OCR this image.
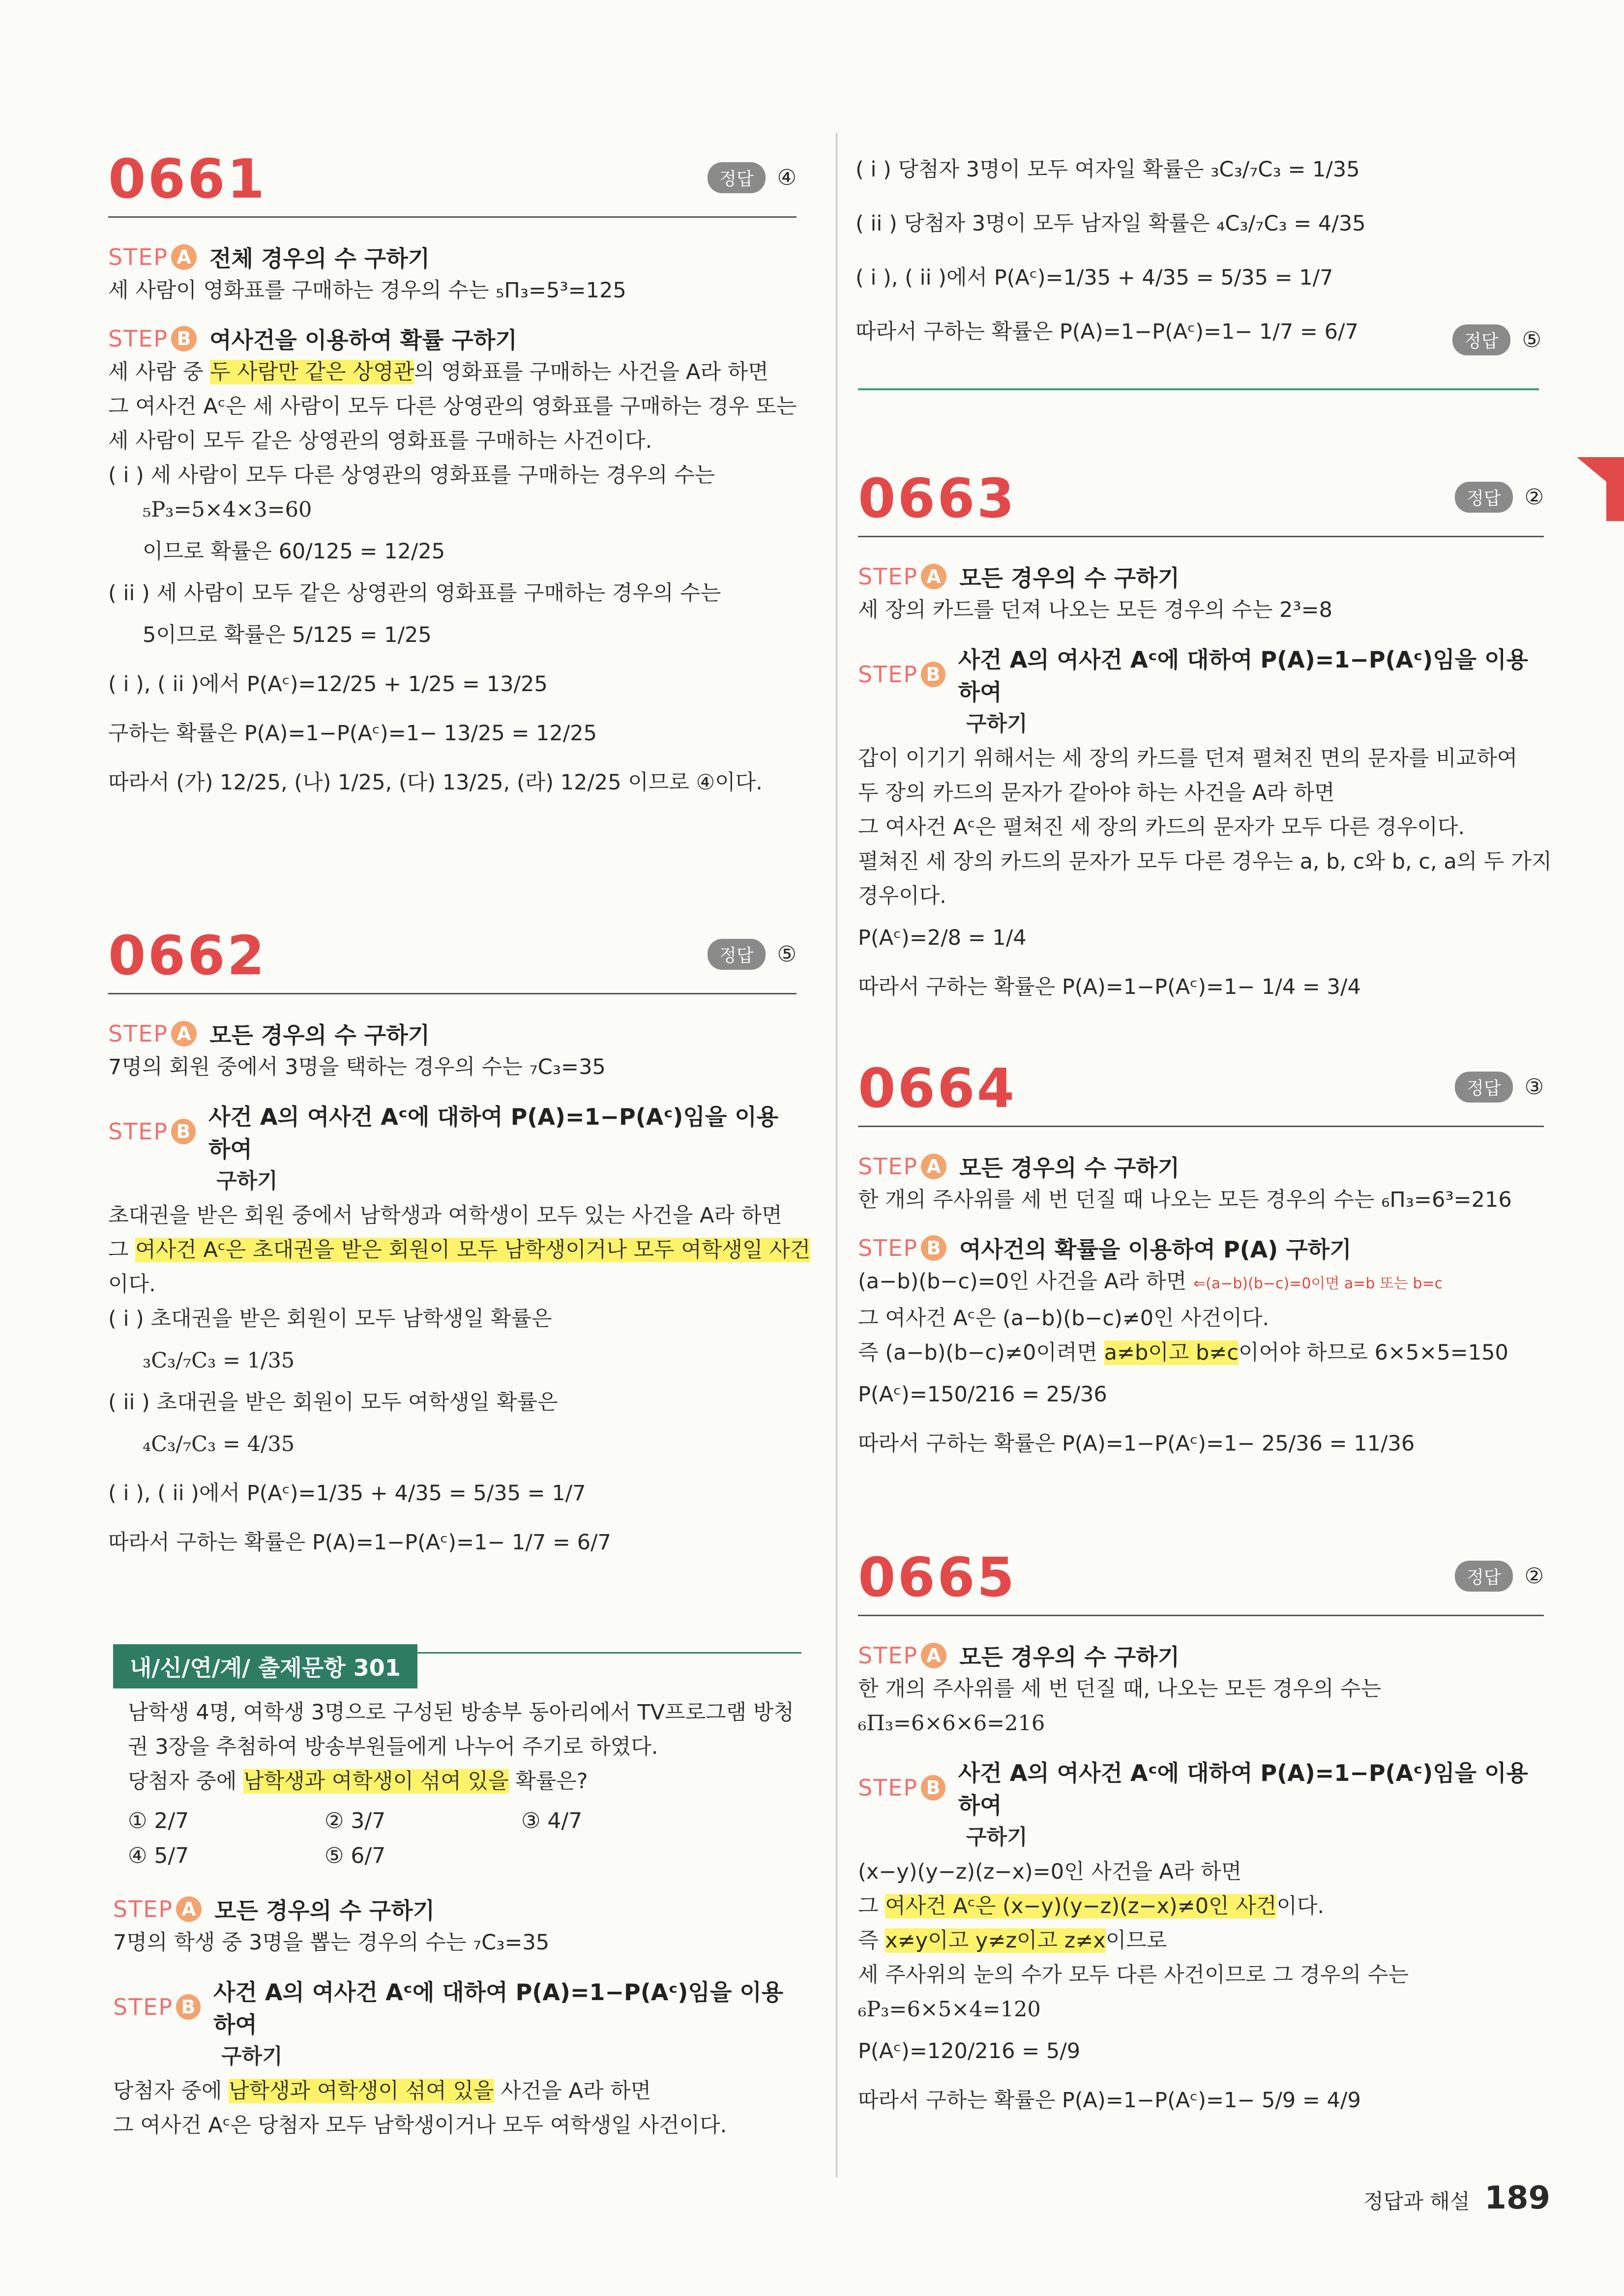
0661	정답	④
STEP A 전체 경우의 수 구하기
세 사람이 영화표를 구매하는 경우의 수는 ₅Π₃=5³=125
STEP B 여사건을 이용하여 확률 구하기
세 사람 중 두 사람만 같은 상영관의 영화표를 구매하는 사건을 A라 하면
그 여사건 Aᶜ은 세 사람이 모두 다른 상영관의 영화표를 구매하는 경우 또는
세 사람이 모두 같은 상영관의 영화표를 구매하는 사건이다.
( i ) 세 사람이 모두 다른 상영관의 영화표를 구매하는 경우의 수는
₅P₃=5×4×3=60
이므로 확률은 60/125 = 12/25
( ii ) 세 사람이 모두 같은 상영관의 영화표를 구매하는 경우의 수는
5이므로 확률은 5/125 = 1/25
( i ), ( ii )에서 P(Aᶜ)=12/25 + 1/25 = 13/25
구하는 확률은 P(A)=1−P(Aᶜ)=1− 13/25 = 12/25
따라서 (가) 12/25, (나) 1/25, (다) 13/25, (라) 12/25 이므로 ④이다.
0662	정답	⑤
STEP A 모든 경우의 수 구하기
7명의 회원 중에서 3명을 택하는 경우의 수는 ₇C₃=35
STEP B
사건 A의 여사건 Aᶜ에 대하여 P(A)=1−P(Aᶜ)임을 이용하여
구하기
초대권을 받은 회원 중에서 남학생과 여학생이 모두 있는 사건을 A라 하면
그 여사건 Aᶜ은 초대권을 받은 회원이 모두 남학생이거나 모두 여학생일 사건
이다.
( i ) 초대권을 받은 회원이 모두 남학생일 확률은
₃C₃/₇C₃ = 1/35
( ii ) 초대권을 받은 회원이 모두 여학생일 확률은
₄C₃/₇C₃ = 4/35
( i ), ( ii )에서 P(Aᶜ)=1/35 + 4/35 = 5/35 = 1/7
따라서 구하는 확률은 P(A)=1−P(Aᶜ)=1− 1/7 = 6/7
내/신/연/계/ 출제문항 301
남학생 4명, 여학생 3명으로 구성된 방송부 동아리에서 TV프로그램 방청
권 3장을 추첨하여 방송부원들에게 나누어 주기로 하였다.
당첨자 중에 남학생과 여학생이 섞여 있을 확률은?
① 2/7	② 3/7	③ 4/7
④ 5/7	⑤ 6/7
STEP A 모든 경우의 수 구하기
7명의 학생 중 3명을 뽑는 경우의 수는 ₇C₃=35
STEP B
사건 A의 여사건 Aᶜ에 대하여 P(A)=1−P(Aᶜ)임을 이용하여
구하기
당첨자 중에 남학생과 여학생이 섞여 있을 사건을 A라 하면
그 여사건 Aᶜ은 당첨자 모두 남학생이거나 모두 여학생일 사건이다.
( i ) 당첨자 3명이 모두 여자일 확률은 ₃C₃/₇C₃ = 1/35
( ii ) 당첨자 3명이 모두 남자일 확률은 ₄C₃/₇C₃ = 4/35
( i ), ( ii )에서 P(Aᶜ)=1/35 + 4/35 = 5/35 = 1/7
따라서 구하는 확률은 P(A)=1−P(Aᶜ)=1− 1/7 = 6/7	정답	⑤
0663	정답	②
STEP A 모든 경우의 수 구하기
세 장의 카드를 던져 나오는 모든 경우의 수는 2³=8
STEP B
사건 A의 여사건 Aᶜ에 대하여 P(A)=1−P(Aᶜ)임을 이용하여
구하기
갑이 이기기 위해서는 세 장의 카드를 던져 펼쳐진 면의 문자를 비교하여
두 장의 카드의 문자가 같아야 하는 사건을 A라 하면
그 여사건 Aᶜ은 펼쳐진 세 장의 카드의 문자가 모두 다른 경우이다.
펼쳐진 세 장의 카드의 문자가 모두 다른 경우는 a, b, c와 b, c, a의 두 가지
경우이다.
P(Aᶜ)=2/8 = 1/4
따라서 구하는 확률은 P(A)=1−P(Aᶜ)=1− 1/4 = 3/4
0664	정답	③
STEP A 모든 경우의 수 구하기
한 개의 주사위를 세 번 던질 때 나오는 모든 경우의 수는 ₆Π₃=6³=216
STEP B 여사건의 확률을 이용하여 P(A) 구하기
(a−b)(b−c)=0인 사건을 A라 하면 ⇐(a−b)(b−c)=0이면 a=b 또는 b=c
그 여사건 Aᶜ은 (a−b)(b−c)≠0인 사건이다.
즉 (a−b)(b−c)≠0이려면 a≠b이고 b≠c이어야 하므로 6×5×5=150
P(Aᶜ)=150/216 = 25/36
따라서 구하는 확률은 P(A)=1−P(Aᶜ)=1− 25/36 = 11/36
0665	정답	②
STEP A 모든 경우의 수 구하기
한 개의 주사위를 세 번 던질 때, 나오는 모든 경우의 수는
₆Π₃=6×6×6=216
STEP B
사건 A의 여사건 Aᶜ에 대하여 P(A)=1−P(Aᶜ)임을 이용하여
구하기
(x−y)(y−z)(z−x)=0인 사건을 A라 하면
그 여사건 Aᶜ은 (x−y)(y−z)(z−x)≠0인 사건이다.
즉 x≠y이고 y≠z이고 z≠x이므로
세 주사위의 눈의 수가 모두 다른 사건이므로 그 경우의 수는
₆P₃=6×5×4=120
P(Aᶜ)=120/216 = 5/9
따라서 구하는 확률은 P(A)=1−P(Aᶜ)=1− 5/9 = 4/9
정답과 해설 189
